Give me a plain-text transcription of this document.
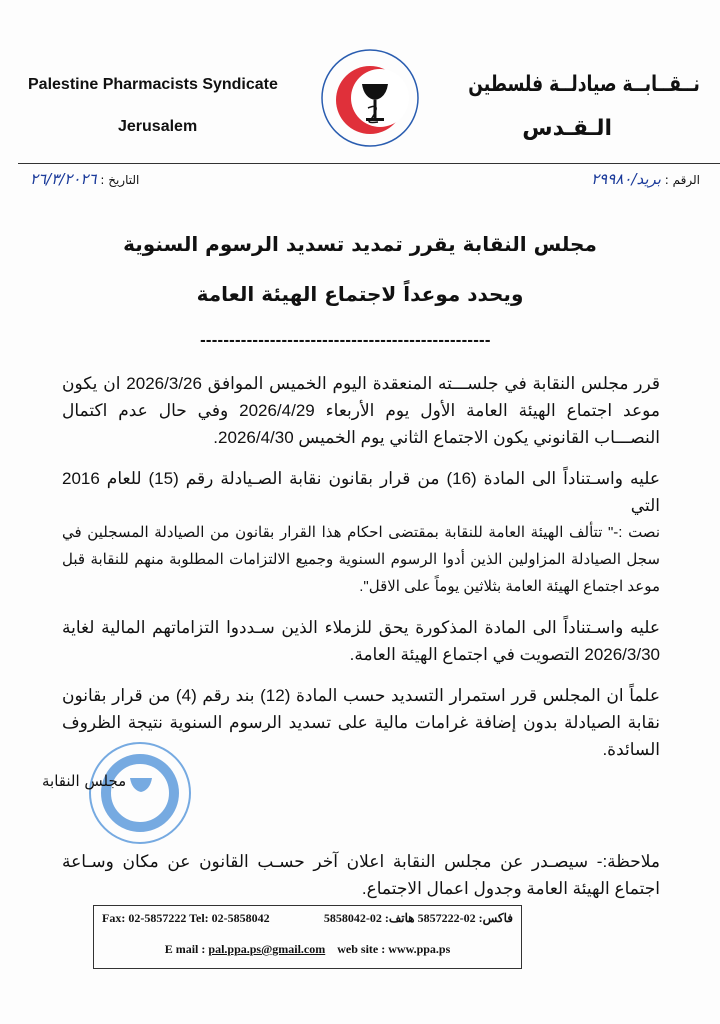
Palestine Pharmacists Syndicate
Jerusalem
نــقــابــة صيادلــة فلسطين
الـقـدس
الرقم : بريد/٢٩٩٨٠
التاريخ : ٢٦/٣/٢٠٢٦
مجلس النقابة يقرر تمديد تسديد الرسوم السنوية
ويحدد موعداً لاجتماع الهيئة العامة
--------------------------------------------------

قرر مجلس النقابة في جلســـته المنعقدة اليوم الخميس الموافق 2026/3/26 ان يكون موعد اجتماع الهيئة العامة الأول يوم الأربعاء 2026/4/29 وفي حال عدم اكتمال النصـــاب القانوني يكون الاجتماع الثاني يوم الخميس 2026/4/30.

عليه واسـتناداً الى المادة (16) من قرار بقانون نقابة الصـيادلة رقم (15) للعام 2016 التي

نصت :-" تتألف الهيئة العامة للنقابة بمقتضى احكام هذا القرار بقانون من الصيادلة المسجلين في سجل الصيادلة المزاولين الذين أدوا الرسوم السنوية وجميع الالتزامات المطلوبة منهم للنقابة قبل موعد اجتماع الهيئة العامة بثلاثين يوماً على الاقل".

عليه واسـتناداً الى المادة المذكورة يحق للزملاء الذين سـددوا التزاماتهم المالية لغاية 2026/3/30 التصويت في اجتماع الهيئة العامة.

علماً ان المجلس قرر استمرار التسديد حسب المادة (12) بند رقم (4) من قرار بقانون نقابة الصيادلة بدون إضافة غرامات مالية على تسديد الرسوم السنوية نتيجة الظروف السائدة.

مجلس النقابة
ملاحظة:- سيصـدر عن مجلس النقابة اعلان آخر حسـب القانون عن مكان وسـاعة اجتماع الهيئة العامة وجدول اعمال الاجتماع.
Fax: 02-5857222 Tel: 02-5858042	فاكس: 02-5857222 هاتف: 02-5858042
E mail : pal.ppa.ps@gmail.com web site : www.ppa.ps
